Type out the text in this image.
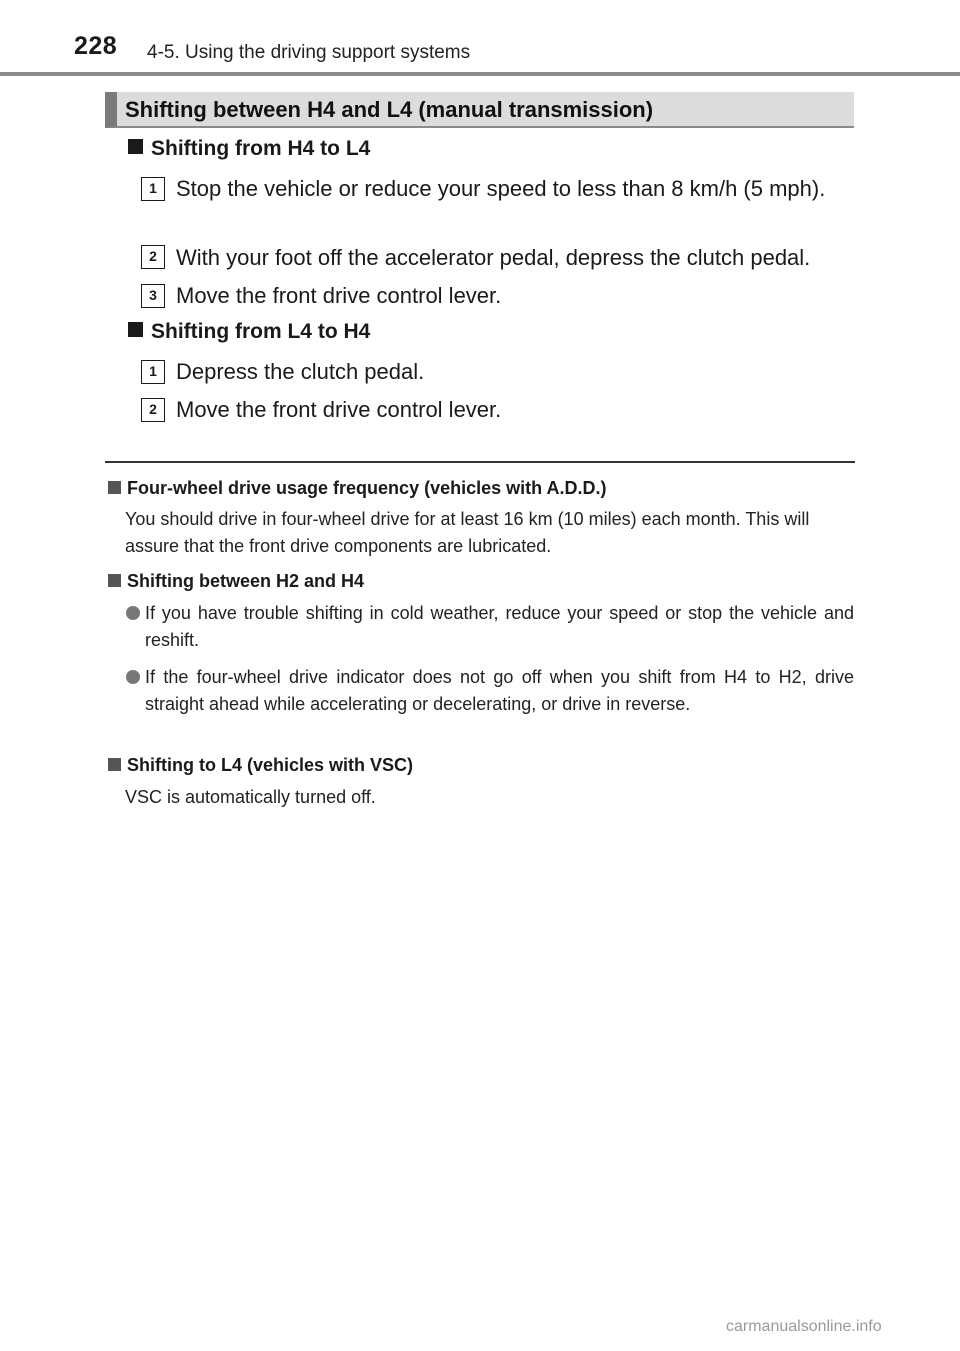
228 4-5. Using the driving support systems
Shifting between H4 and L4 (manual transmission)
Shifting from H4 to L4
1 Stop the vehicle or reduce your speed to less than 8 km/h (5 mph).
2 With your foot off the accelerator pedal, depress the clutch pedal.
3 Move the front drive control lever.
Shifting from L4 to H4
1 Depress the clutch pedal.
2 Move the front drive control lever.
Four-wheel drive usage frequency (vehicles with A.D.D.)
You should drive in four-wheel drive for at least 16 km (10 miles) each month. This will assure that the front drive components are lubricated.
Shifting between H2 and H4
If you have trouble shifting in cold weather, reduce your speed or stop the vehicle and reshift.
If the four-wheel drive indicator does not go off when you shift from H4 to H2, drive straight ahead while accelerating or decelerating, or drive in reverse.
Shifting to L4 (vehicles with VSC)
VSC is automatically turned off.
carmanualsonline.info
